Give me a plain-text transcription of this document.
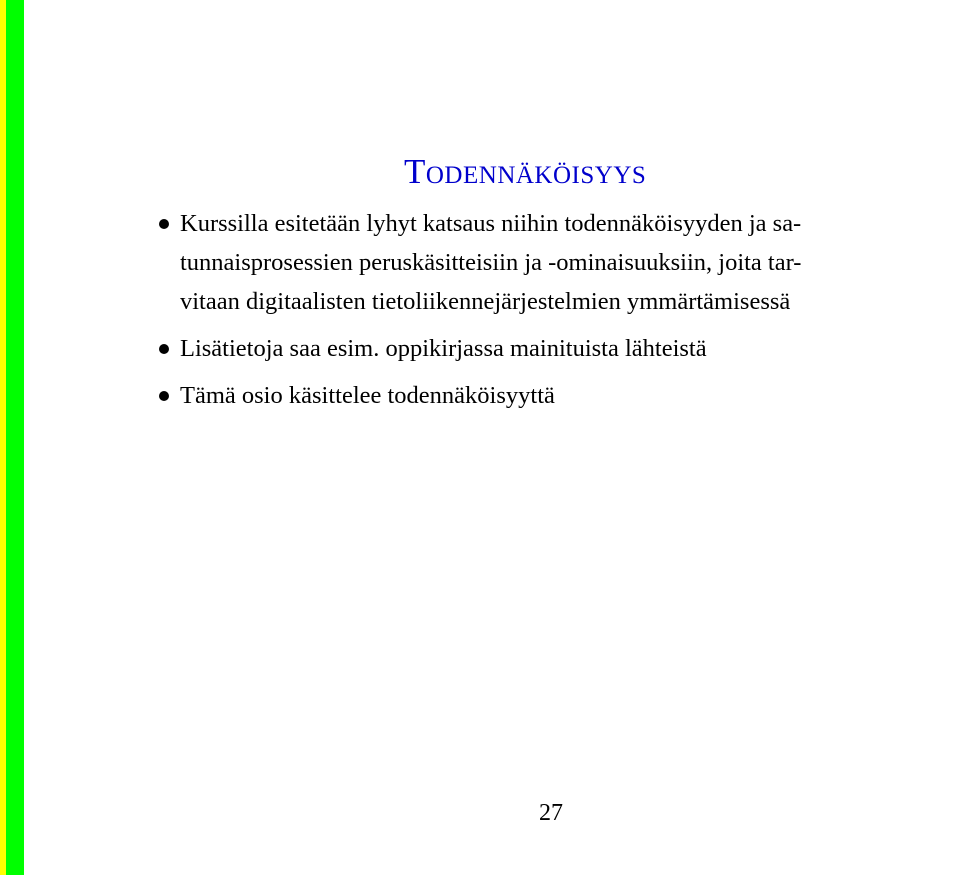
Todennäköisyys
Kurssilla esitetään lyhyt katsaus niihin todennäköisyyden ja sa-
tunnaisprosessien peruskäsitteisiin ja -ominaisuuksiin, joita tar-
vitaan digitaalisten tietoliikennejärjestelmien ymmärtämisessä
Lisätietoja saa esim. oppikirjassa mainituista lähteistä
Tämä osio käsittelee todennäköisyyttä
27
